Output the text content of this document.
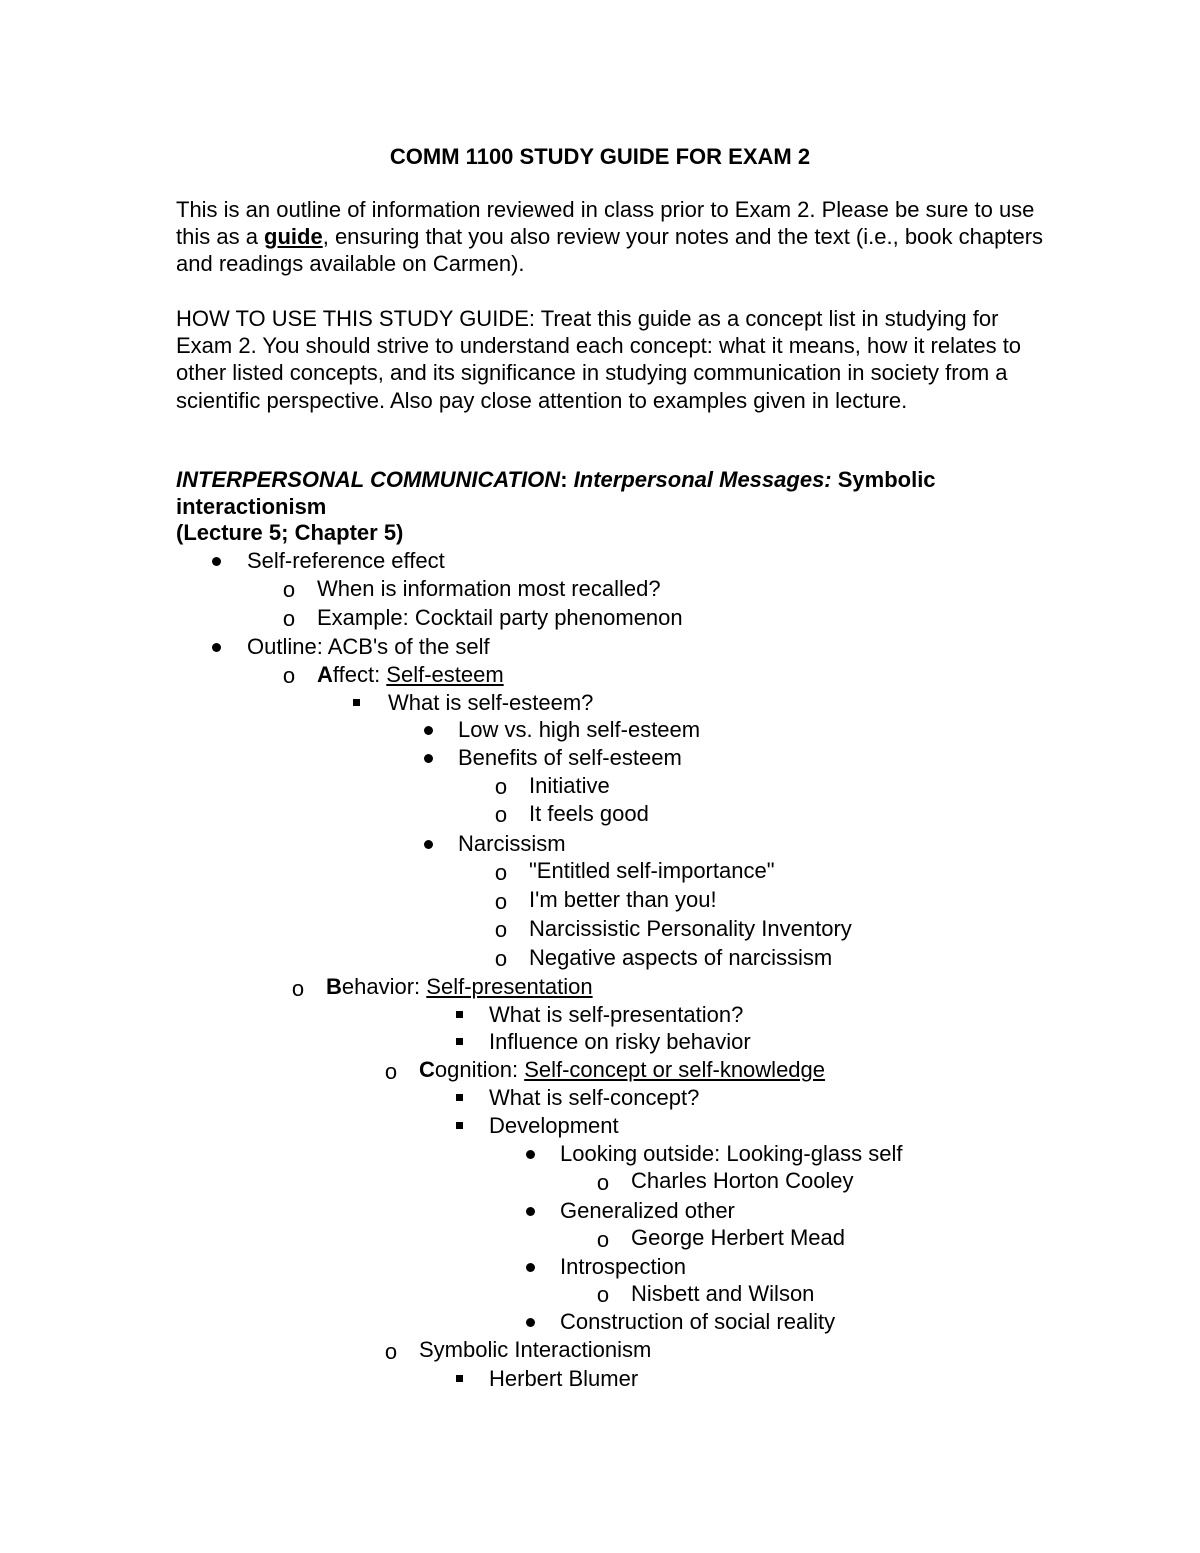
COMM 1100 STUDY GUIDE FOR EXAM 2
This is an outline of information reviewed in class prior to Exam 2. Please be sure to use this as a guide, ensuring that you also review your notes and the text (i.e., book chapters and readings available on Carmen).
HOW TO USE THIS STUDY GUIDE: Treat this guide as a concept list in studying for Exam 2. You should strive to understand each concept: what it means, how it relates to other listed concepts, and its significance in studying communication in society from a scientific perspective. Also pay close attention to examples given in lecture.
INTERPERSONAL COMMUNICATION: Interpersonal Messages: Symbolic interactionism
(Lecture 5; Chapter 5)
Self-reference effect
o When is information most recalled?
o Example: Cocktail party phenomenon
Outline: ACB's of the self
o Affect: Self-esteem
What is self-esteem?
Low vs. high self-esteem
Benefits of self-esteem
o Initiative
o It feels good
Narcissism
o "Entitled self-importance"
o I'm better than you!
o Narcissistic Personality Inventory
o Negative aspects of narcissism
o Behavior: Self-presentation
What is self-presentation?
Influence on risky behavior
o Cognition: Self-concept or self-knowledge
What is self-concept?
Development
Looking outside: Looking-glass self
o Charles Horton Cooley
Generalized other
o George Herbert Mead
Introspection
o Nisbett and Wilson
Construction of social reality
o Symbolic Interactionism
Herbert Blumer
